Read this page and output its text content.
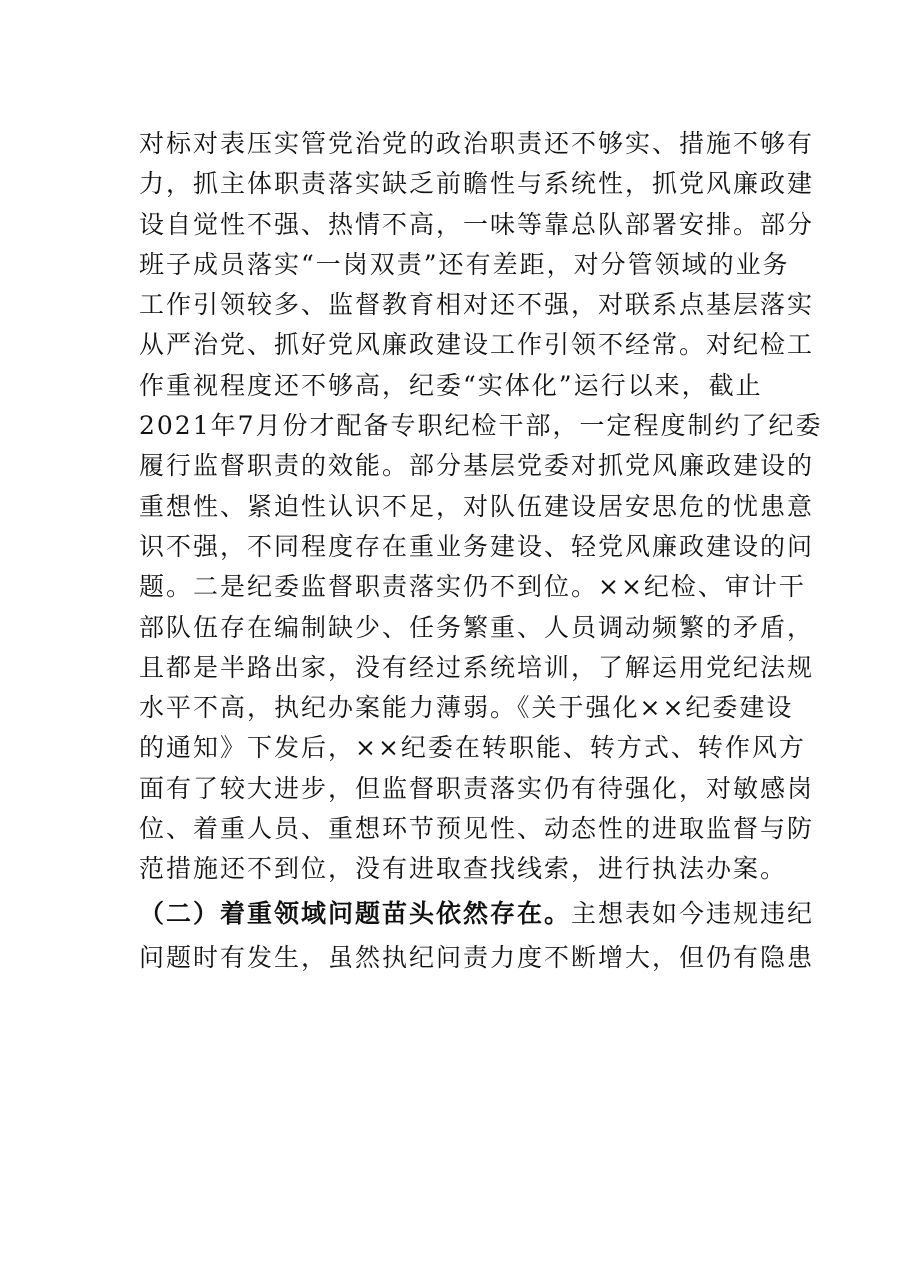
对标对表压实管党治党的政治职责还不够实、措施不够有
力，抓主体职责落实缺乏前瞻性与系统性，抓党风廉政建
设自觉性不强、热情不高，一味等靠总队部署安排。部分
班子成员落实“一岗双责”还有差距，对分管领域的业务
工作引领较多、监督教育相对还不强，对联系点基层落实
从严治党、抓好党风廉政建设工作引领不经常。对纪检工
作重视程度还不够高，纪委“实体化”运行以来，截止
2021年7月份才配备专职纪检干部，一定程度制约了纪委
履行监督职责的效能。部分基层党委对抓党风廉政建设的
重想性、紧迫性认识不足，对队伍建设居安思危的忧患意
识不强，不同程度存在重业务建设、轻党风廉政建设的问
题。二是纪委监督职责落实仍不到位。××纪检、审计干
部队伍存在编制缺少、任务繁重、人员调动频繁的矛盾，
且都是半路出家，没有经过系统培训，了解运用党纪法规
水平不高，执纪办案能力薄弱。《关于强化××纪委建设
的通知》下发后，××纪委在转职能、转方式、转作风方
面有了较大进步，但监督职责落实仍有待强化，对敏感岗
位、着重人员、重想环节预见性、动态性的进取监督与防
范措施还不到位，没有进取查找线索，进行执法办案。
（二）着重领域问题苗头依然存在。主想表如今违规违纪
问题时有发生，虽然执纪问责力度不断增大，但仍有隐患
